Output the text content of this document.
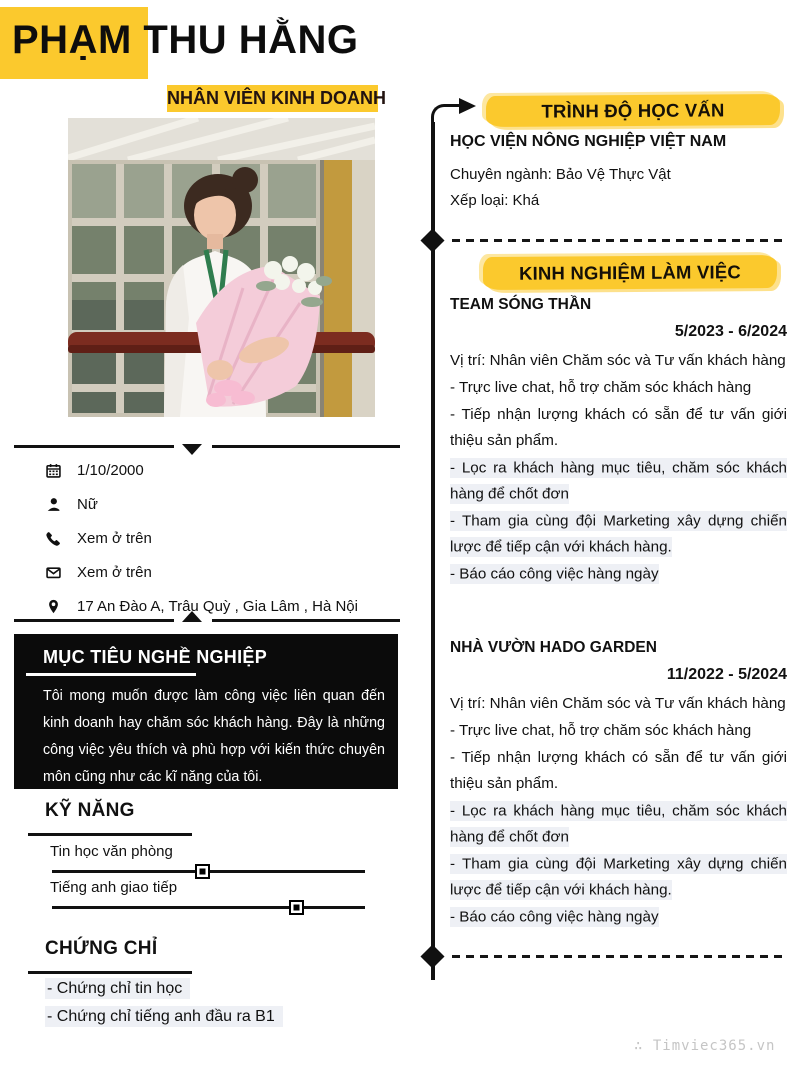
PHẠM THU HẰNG
NHÂN VIÊN KINH DOANH
1/10/2000
Nữ
Xem ở trên
Xem ở trên
17 An Đào A, Trâu Quỳ , Gia Lâm , Hà Nội
MỤC TIÊU NGHỀ NGHIỆP

Tôi mong muốn được làm công việc liên quan đến kinh doanh hay chăm sóc khách hàng. Đây là những công việc yêu thích và phù hợp với kiến thức chuyên môn cũng như các kĩ năng của tôi.

KỸ NĂNG
Tin học văn phòng
Tiếng anh giao tiếp
CHỨNG CHỈ
- Chứng chỉ tin học
- Chứng chỉ tiếng anh đầu ra B1
TRÌNH ĐỘ HỌC VẤN
HỌC VIỆN NÔNG NGHIỆP VIỆT NAM
Chuyên ngành: Bảo Vệ Thực Vật
Xếp loại: Khá
KINH NGHIỆM LÀM VIỆC
TEAM SÓNG THẦN
5/2023 - 6/2024

Vị trí: Nhân viên Chăm sóc và Tư vấn khách hàng

- Trực live chat, hỗ trợ chăm sóc khách hàng

- Tiếp nhận lượng khách có sẵn để tư vấn giới thiệu sản phẩm.

- Lọc ra khách hàng mục tiêu, chăm sóc khách hàng để chốt đơn

- Tham gia cùng đội Marketing xây dựng chiến lược để tiếp cận với khách hàng.

- Báo cáo công việc hàng ngày

NHÀ VƯỜN HADO GARDEN
11/2022 - 5/2024

Vị trí: Nhân viên Chăm sóc và Tư vấn khách hàng

- Trực live chat, hỗ trợ chăm sóc khách hàng

- Tiếp nhận lượng khách có sẵn để tư vấn giới thiệu sản phẩm.

- Lọc ra khách hàng mục tiêu, chăm sóc khách hàng để chốt đơn

- Tham gia cùng đội Marketing xây dựng chiến lược để tiếp cận với khách hàng.

- Báo cáo công việc hàng ngày

∴ Timviec365.vn
